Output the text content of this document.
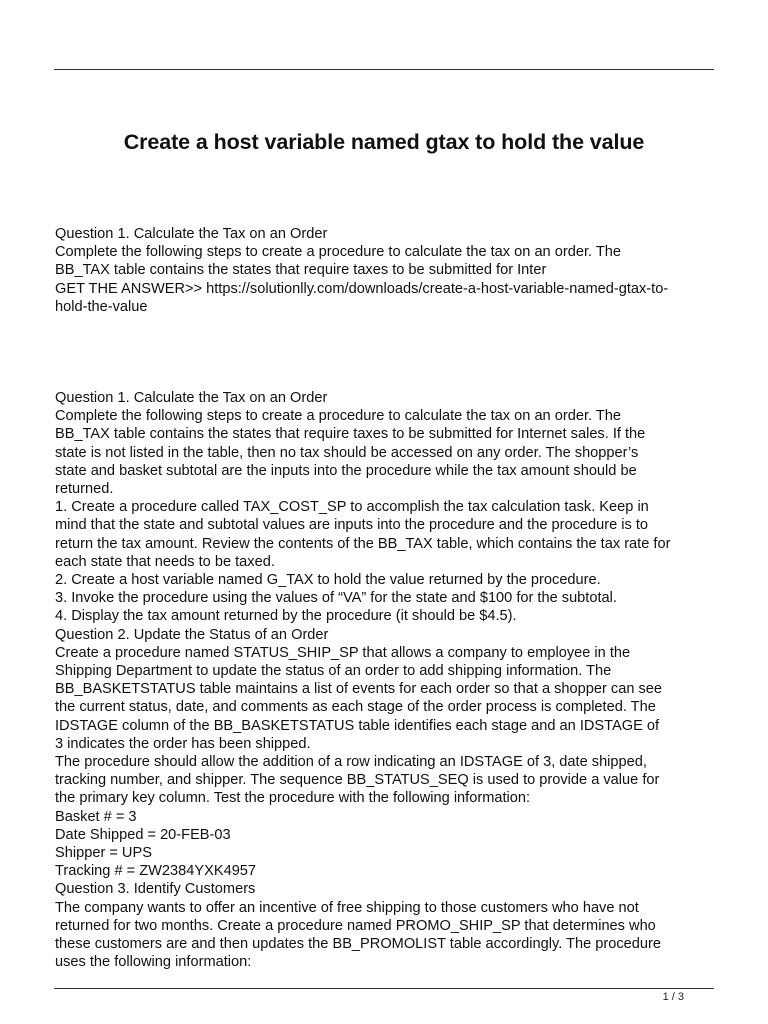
Create a host variable named gtax to hold the value
Question 1. Calculate the Tax on an Order
Complete the following steps to create a procedure to calculate the tax on an order. The
BB_TAX table contains the states that require taxes to be submitted for Inter
GET THE ANSWER>> https://solutionlly.com/downloads/create-a-host-variable-named-gtax-to-
hold-the-value
Question 1. Calculate the Tax on an Order
Complete the following steps to create a procedure to calculate the tax on an order. The
BB_TAX table contains the states that require taxes to be submitted for Internet sales. If the
state is not listed in the table, then no tax should be accessed on any order. The shopper’s
state and basket subtotal are the inputs into the procedure while the tax amount should be
returned.
1. Create a procedure called TAX_COST_SP to accomplish the tax calculation task. Keep in
mind that the state and subtotal values are inputs into the procedure and the procedure is to
return the tax amount. Review the contents of the BB_TAX table, which contains the tax rate for
each state that needs to be taxed.
2. Create a host variable named G_TAX to hold the value returned by the procedure.
3. Invoke the procedure using the values of “VA” for the state and $100 for the subtotal.
4. Display the tax amount returned by the procedure (it should be $4.5).
Question 2. Update the Status of an Order
Create a procedure named STATUS_SHIP_SP that allows a company to employee in the
Shipping Department to update the status of an order to add shipping information. The
BB_BASKETSTATUS table maintains a list of events for each order so that a shopper can see
the current status, date, and comments as each stage of the order process is completed. The
IDSTAGE column of the BB_BASKETSTATUS table identifies each stage and an IDSTAGE of
3 indicates the order has been shipped.
The procedure should allow the addition of a row indicating an IDSTAGE of 3, date shipped,
tracking number, and shipper. The sequence BB_STATUS_SEQ is used to provide a value for
the primary key column. Test the procedure with the following information:
Basket # = 3
Date Shipped = 20-FEB-03
Shipper = UPS
Tracking # = ZW2384YXK4957
Question 3. Identify Customers
The company wants to offer an incentive of free shipping to those customers who have not
returned for two months. Create a procedure named PROMO_SHIP_SP that determines who
these customers are and then updates the BB_PROMOLIST table accordingly. The procedure
uses the following information:
1 / 3
